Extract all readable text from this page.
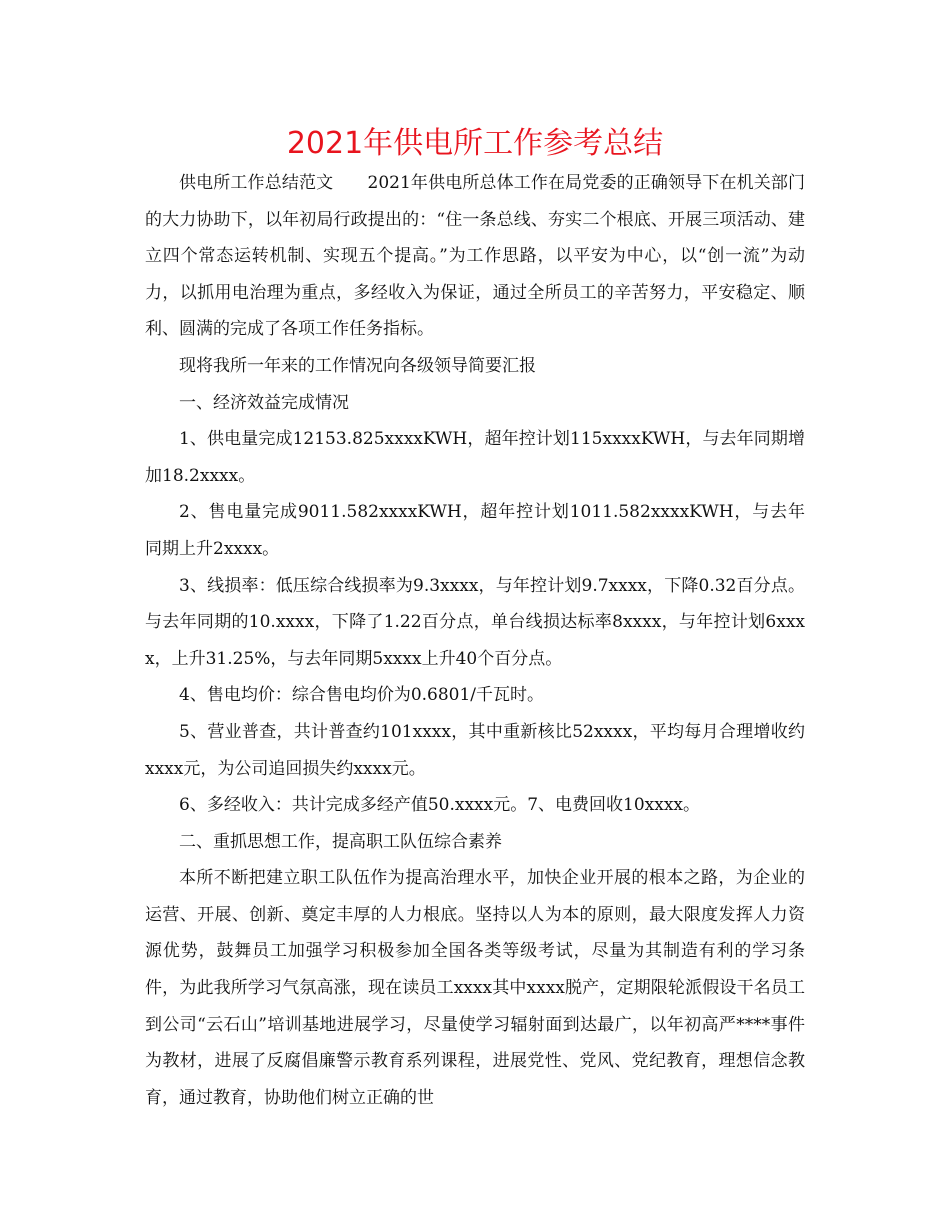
2021年供电所工作参考总结

供电所工作总结范文　　2021年供电所总体工作在局党委的正确领导下在机关部门的大力协助下，以年初局行政提出的：“住一条总线、夯实二个根底、开展三项活动、建立四个常态运转机制、实现五个提高。”为工作思路，以平安为中心，以“创一流”为动力，以抓用电治理为重点，多经收入为保证，通过全所员工的辛苦努力，平安稳定、顺利、圆满的完成了各项工作任务指标。

现将我所一年来的工作情况向各级领导简要汇报

一、经济效益完成情况

1、供电量完成12153.825xxxxKWH，超年控计划115xxxxKWH，与去年同期增加18.2xxxx。

2、售电量完成9011.582xxxxKWH，超年控计划1011.582xxxxKWH，与去年同期上升2xxxx。

3、线损率：低压综合线损率为9.3xxxx，与年控计划9.7xxxx，下降0.32百分点。与去年同期的10.xxxx，下降了1.22百分点，单台线损达标率8xxxx，与年控计划6xxxx，上升31.25%，与去年同期5xxxx上升40个百分点。

4、售电均价：综合售电均价为0.6801/千瓦时。

5、营业普查，共计普查约101xxxx，其中重新核比52xxxx，平均每月合理增收约xxxx元，为公司追回损失约xxxx元。

6、多经收入：共计完成多经产值50.xxxx元。7、电费回收10xxxx。

二、重抓思想工作，提高职工队伍综合素养

本所不断把建立职工队伍作为提高治理水平，加快企业开展的根本之路，为企业的运营、开展、创新、奠定丰厚的人力根底。坚持以人为本的原则，最大限度发挥人力资源优势，鼓舞员工加强学习积极参加全国各类等级考试，尽量为其制造有利的学习条件，为此我所学习气氛高涨，现在读员工xxxx其中xxxx脱产，定期限轮派假设干名员工到公司“云石山”培训基地进展学习，尽量使学习辐射面到达最广，以年初高严****事件为教材，进展了反腐倡廉警示教育系列课程，进展党性、党风、党纪教育，理想信念教育，通过教育，协助他们树立正确的世
